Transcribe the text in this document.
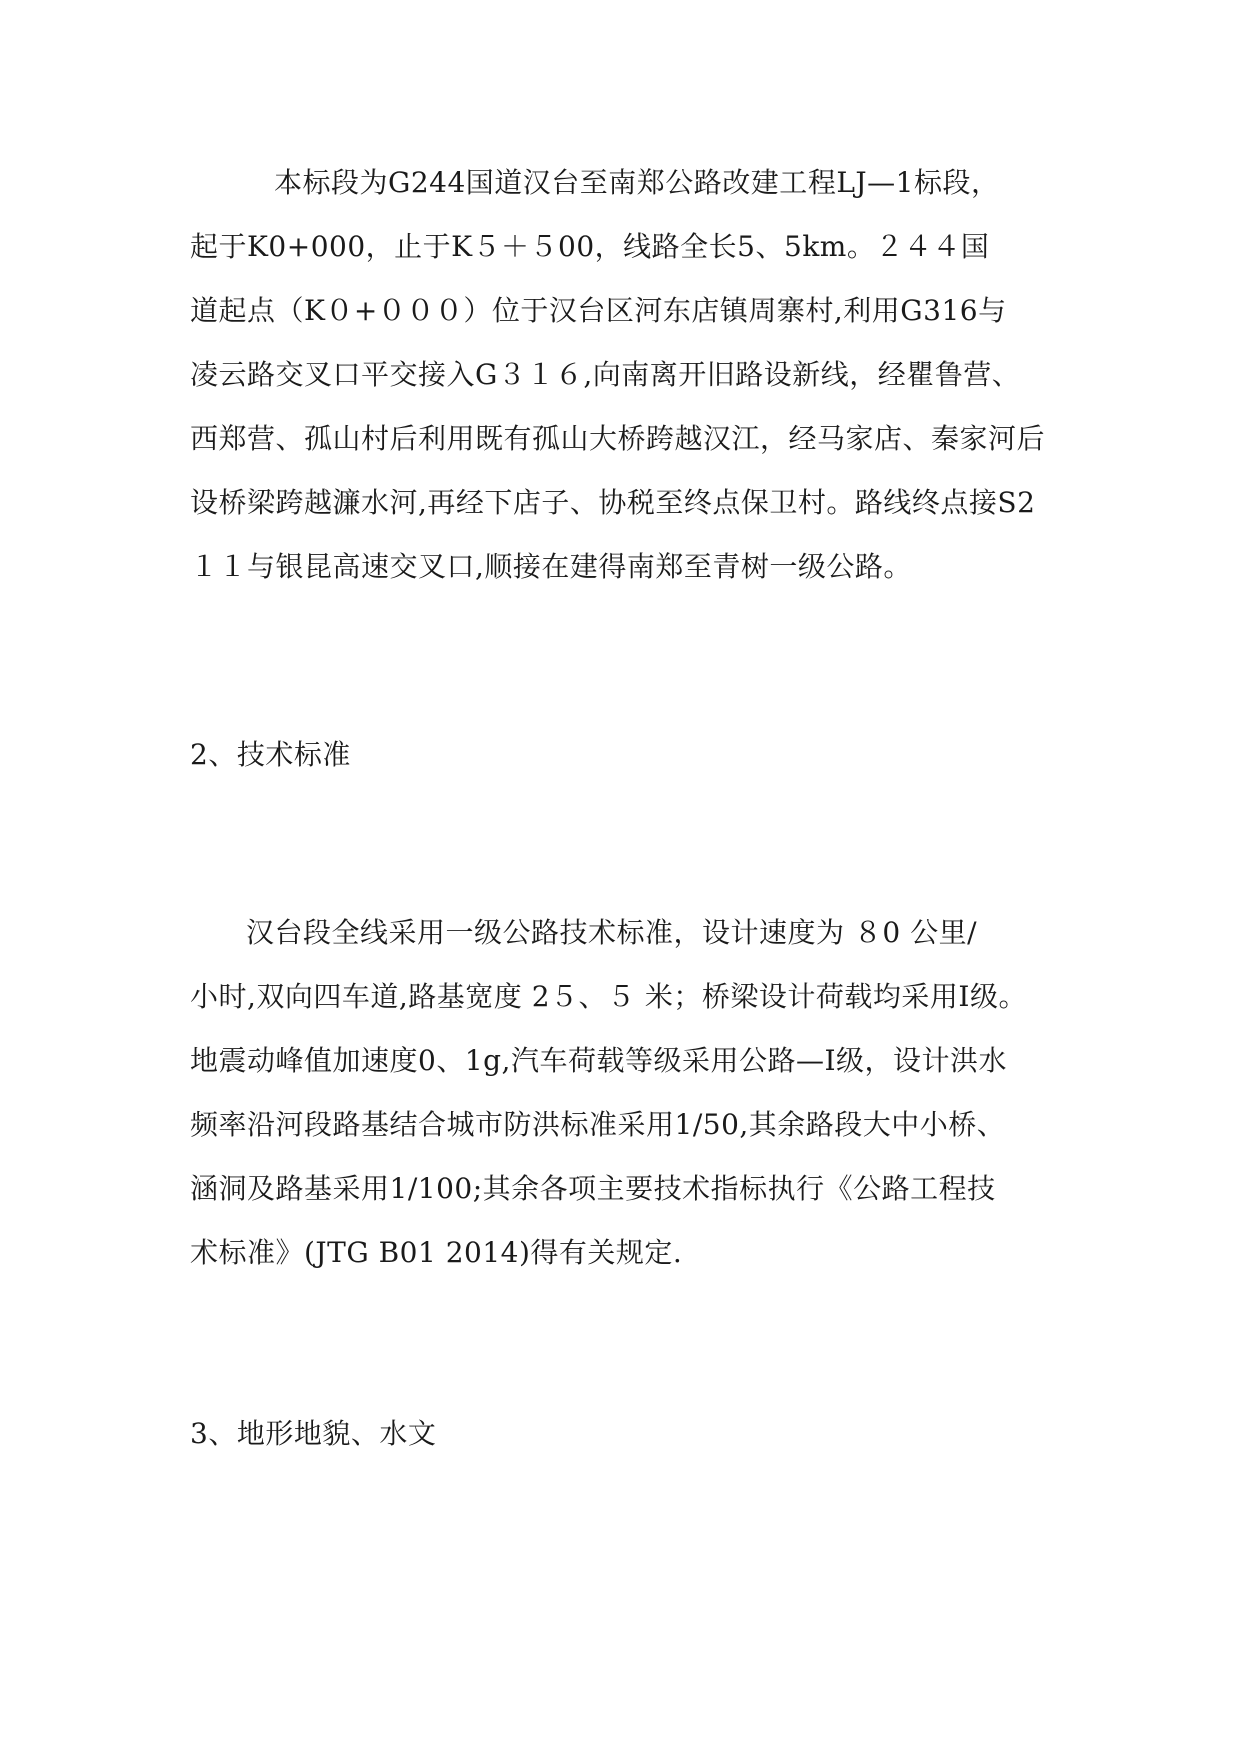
本标段为G244国道汉台至南郑公路改建工程LJ—1标段，
起于K0+000，止于K５＋５00，线路全长5、5km。２４４国
道起点（K０+０００）位于汉台区河东店镇周寨村,利用G316与
凌云路交叉口平交接入G３１６,向南离开旧路设新线，经瞿鲁营、
西郑营、孤山村后利用既有孤山大桥跨越汉江，经马家店、秦家河后
设桥梁跨越濂水河,再经下店子、协税至终点保卫村。路线终点接S2
１１与银昆高速交叉口,顺接在建得南郑至青树一级公路。
2、技术标准
汉台段全线采用一级公路技术标准，设计速度为 ８0 公里/
小时,双向四车道,路基宽度 2５、５ 米；桥梁设计荷载均采用Ⅰ级。
地震动峰值加速度0、1g,汽车荷载等级采用公路—Ⅰ级，设计洪水
频率沿河段路基结合城市防洪标准采用1/50,其余路段大中小桥、
涵洞及路基采用1/100;其余各项主要技术指标执行《公路工程技
术标准》(JTG B01 2014)得有关规定.
3、地形地貌、水文
